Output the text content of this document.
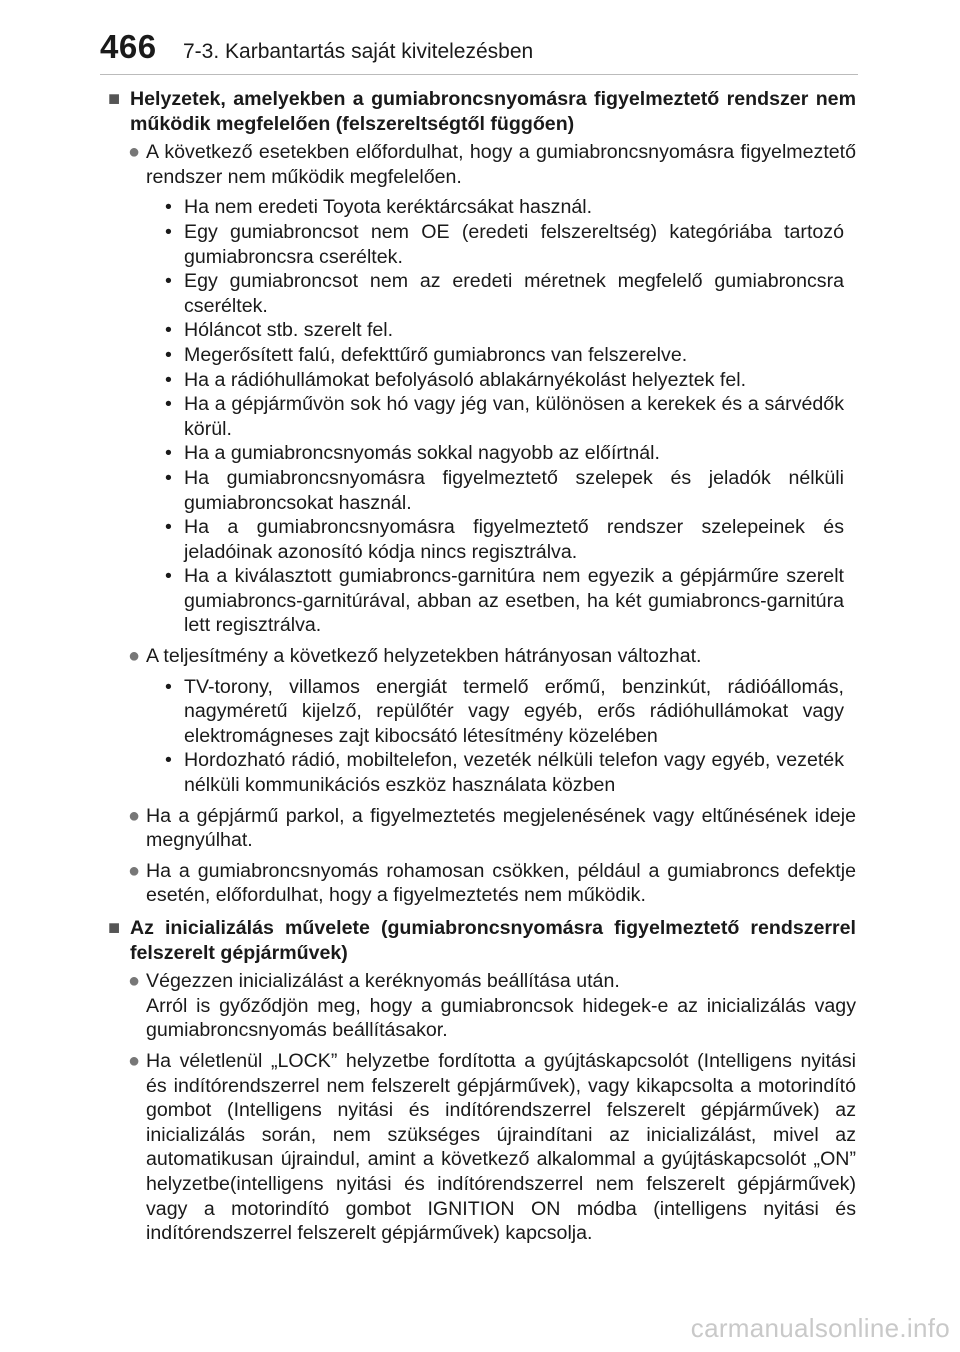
466 7-3. Karbantartás saját kivitelezésben
■ Helyzetek, amelyekben a gumiabroncsnyomásra figyelmeztető rendszer nem működik megfelelően (felszereltségtől függően)
● A következő esetekben előfordulhat, hogy a gumiabroncsnyomásra figyelmeztető rendszer nem működik megfelelően.
• Ha nem eredeti Toyota keréktárcsákat használ.
• Egy gumiabroncsot nem OE (eredeti felszereltség) kategóriába tartozó gumiabroncsra cseréltek.
• Egy gumiabroncsot nem az eredeti méretnek megfelelő gumiabroncsra cseréltek.
• Hóláncot stb. szerelt fel.
• Megerősített falú, defekttűrő gumiabroncs van felszerelve.
• Ha a rádióhullámokat befolyásoló ablakárnyékolást helyeztek fel.
• Ha a gépjárművön sok hó vagy jég van, különösen a kerekek és a sárvédők körül.
• Ha a gumiabroncsnyomás sokkal nagyobb az előírtnál.
• Ha gumiabroncsnyomásra figyelmeztető szelepek és jeladók nélküli gumiabroncsokat használ.
• Ha a gumiabroncsnyomásra figyelmeztető rendszer szelepeinek és jeladóinak azonosító kódja nincs regisztrálva.
• Ha a kiválasztott gumiabroncs-garnitúra nem egyezik a gépjárműre szerelt gumiabroncs-garnitúrával, abban az esetben, ha két gumiabroncs-garnitúra lett regisztrálva.
● A teljesítmény a következő helyzetekben hátrányosan változhat.
• TV-torony, villamos energiát termelő erőmű, benzinkút, rádióállomás, nagyméretű kijelző, repülőtér vagy egyéb, erős rádióhullámokat vagy elektromágneses zajt kibocsátó létesítmény közelében
• Hordozható rádió, mobiltelefon, vezeték nélküli telefon vagy egyéb, vezeték nélküli kommunikációs eszköz használata közben
● Ha a gépjármű parkol, a figyelmeztetés megjelenésének vagy eltűnésének ideje megnyúlhat.
● Ha a gumiabroncsnyomás rohamosan csökken, például a gumiabroncs defektje esetén, előfordulhat, hogy a figyelmeztetés nem működik.
■ Az inicializálás művelete (gumiabroncsnyomásra figyelmeztető rendszerrel felszerelt gépjárművek)
● Végezzen inicializálást a keréknyomás beállítása után.
Arról is győződjön meg, hogy a gumiabroncsok hidegek-e az inicializálás vagy gumiabroncsnyomás beállításakor.
● Ha véletlenül „LOCK” helyzetbe fordította a gyújtáskapcsolót (Intelligens nyitási és indítórendszerrel nem felszerelt gépjárművek), vagy kikapcsolta a motorindító gombot (Intelligens nyitási és indítórendszerrel felszerelt gépjárművek) az inicializálás során, nem szükséges újraindítani az inicializálást, mivel az automatikusan újraindul, amint a következő alkalommal a gyújtáskapcsolót „ON” helyzetbe(intelligens nyitási és indítórendszerrel nem felszerelt gépjárművek) vagy a motorindító gombot IGNITION ON módba (intelligens nyitási és indítórendszerrel felszerelt gépjárművek) kapcsolja.
carmanualsonline.info
